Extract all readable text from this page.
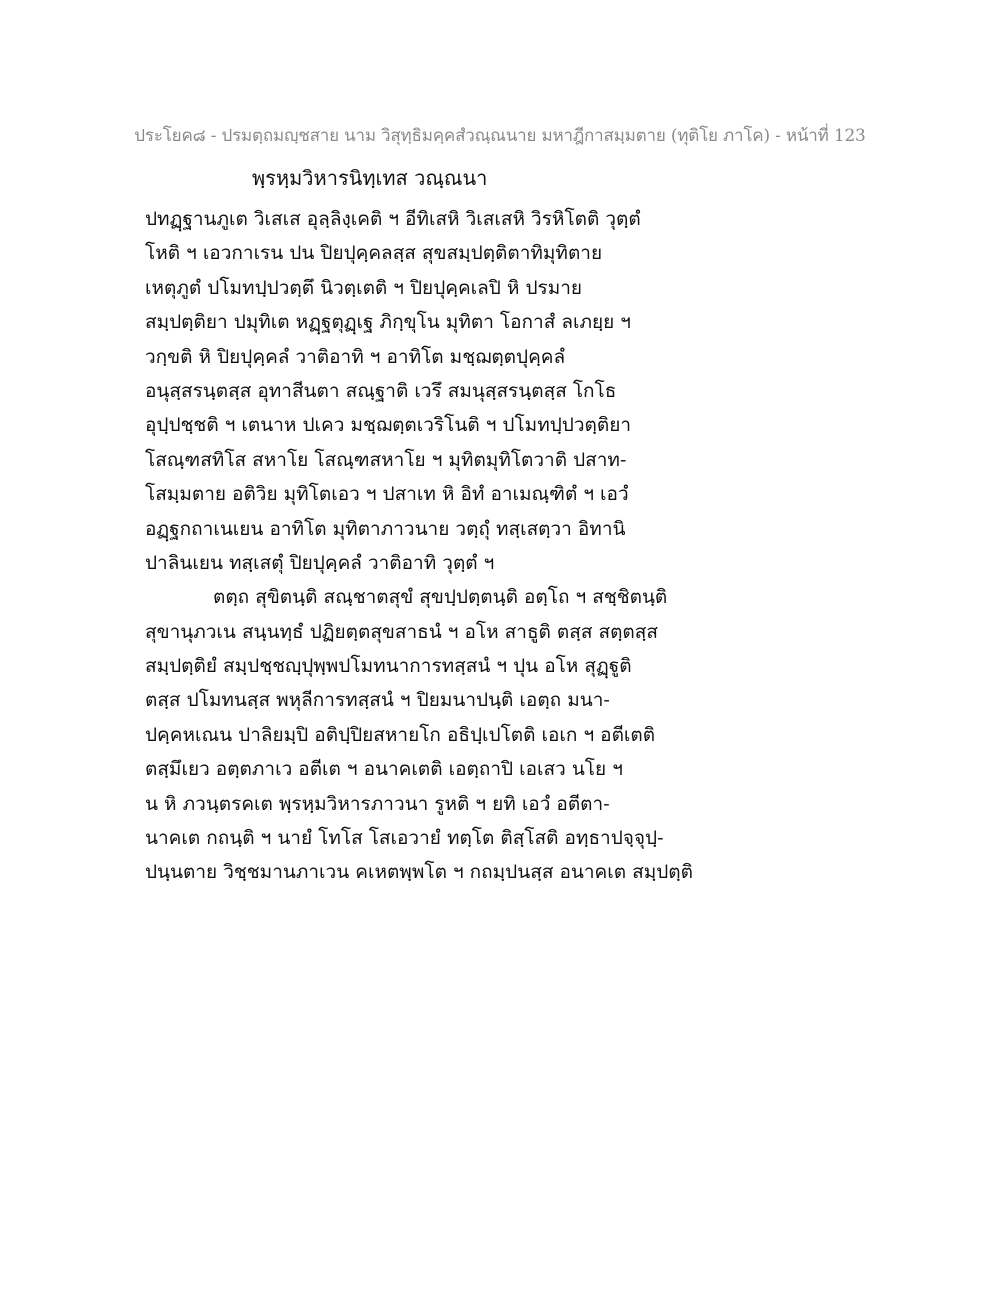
ประโยค๘ - ปรมตฺถมญฺชสาย นาม วิสุทฺธิมคฺคสํวณฺณนาย มหาฎีกาสมฺมตาย (ทุติโย ภาโค) - หน้าที่ 123
พฺรหฺมวิหารนิทฺเทส วณฺณนา
ปทฏฺฐานภูเต วิเสเส อุลฺลิงฺเคติ ฯ อีทิเสหิ วิเสเสหิ วิรหิโตติ วุตฺตํ
โหติ ฯ เอวกาเรน ปน ปิยปุคฺคลสฺส สุขสมฺปตฺติตาทิมุทิตาย
เหตุภูตํ ปโมทปฺปวตฺตึ นิวตฺเตติ ฯ ปิยปุคฺคเลปิ หิ ปรมาย
สมฺปตฺติยา ปมุทิเต หฏฺฐตุฏฺเฐ ภิกฺขุโน มุทิตา โอกาสํ ลเภยฺย ฯ
วกฺขติ หิ ปิยปุคฺคลํ วาติอาทิ ฯ อาทิโต มชฺฌตฺตปุคฺคลํ
อนุสฺสรนฺตสฺส อุทาสีนตา สณฺฐาติ เวรึ สมนุสฺสรนฺตสฺส โกโธ
อุปฺปชฺชติ ฯ เตนาห ปเคว มชฺฌตฺตเวริโนติ ฯ ปโมทปฺปวตฺติยา
โสณฺฑสทิโส สหาโย โสณฺฑสหาโย ฯ มุทิตมุทิโตวาติ ปสาท-
โสมฺมตาย อติวิย มุทิโตเอว ฯ ปสาเท หิ อิทํ อาเมณฺฑิตํ ฯ เอวํ
อฏฺฐกถาเนเยน อาทิโต มุทิตาภาวนาย วตฺถุํ ทสฺเสตฺวา อิทานิ
ปาลินเยน ทสฺเสตุํ ปิยปุคฺคลํ วาติอาทิ วุตฺตํ ฯ
ตตฺถ สุขิตนฺติ สณฺชาตสุขํ สุขปฺปตฺตนฺติ อตฺโถ ฯ สชฺชิตนฺติ
สุขานุภวเน สนฺนทฺธํ ปฏิยตฺตสุขสาธนํ ฯ อโห สาธูติ ตสฺส สตฺตสฺส
สมฺปตฺติยํ สมฺปชฺชญฺปุพฺพปโมทนาการทสฺสนํ ฯ ปุน อโห สุฏฺฐูติ
ตสฺส ปโมทนสฺส พหุลีการทสฺสนํ ฯ ปิยมนาปนฺติ เอตฺถ มนา-
ปคฺคหเณน ปาลิยมฺปิ อติปฺปิยสหายโก อธิปฺเปโตติ เอเก ฯ อตีเตติ
ตสฺมึเยว อตฺตภาเว อตีเต ฯ อนาคเตติ เอตฺถาปิ เอเสว นโย ฯ
น หิ ภวนฺตรคเต พฺรหฺมวิหารภาวนา รูหติ ฯ ยทิ เอวํ อตีตา-
นาคเต กถนฺติ ฯ นายํ โทโส โสเอวายํ ทตฺโต ติสฺโสติ อทฺธาปจฺจุปฺ-
ปนฺนตาย วิชฺชมานภาเวน คเหตพฺพโต ฯ กถมฺปนสฺส อนาคเต สมฺปตฺติ
